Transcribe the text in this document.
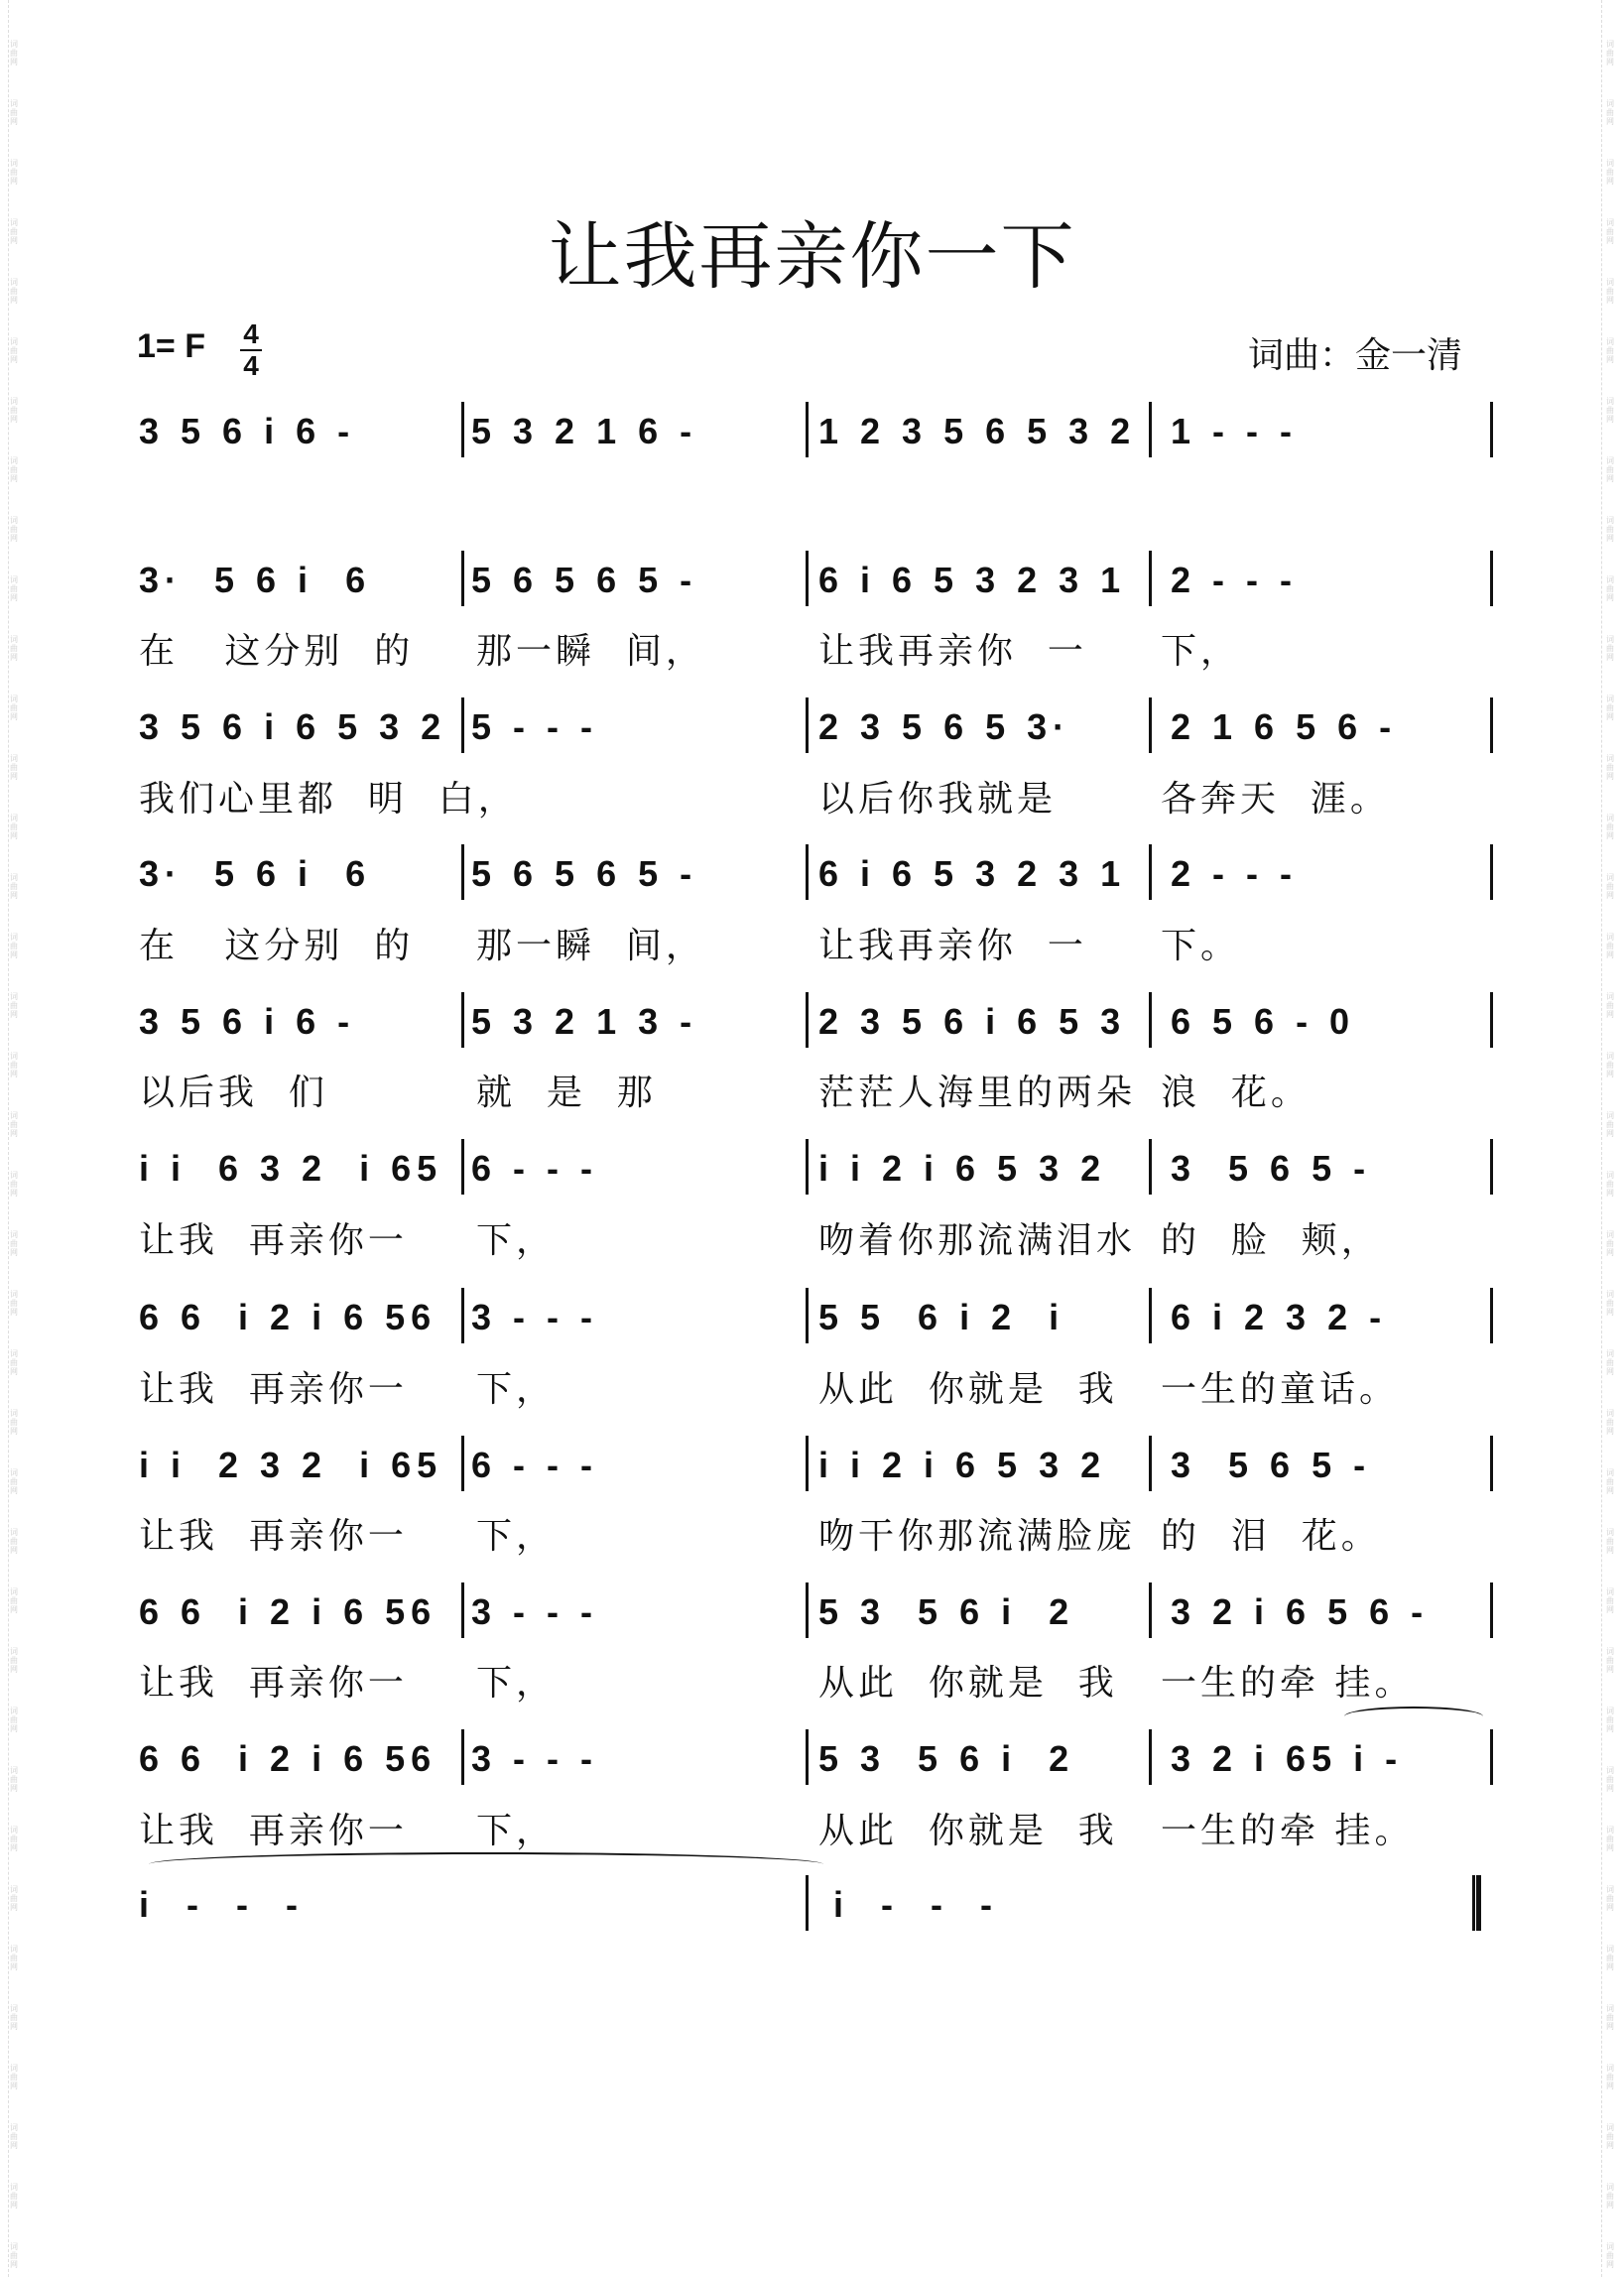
让我再亲你一下
1= F 4
4	词曲：金一清
3 5 6 i 6 -	5 3 2 1 6 -	1 2 3 5 6 5 3 2 1 - - -
3·  5 6 i  6	5 6 5 6 5 -	6 i 6 5 3 2 3 1 2 - - -
在   这分别  的 那一瞬  间，	让我再亲你  一 下，
3 5 6 i 6 5 3 2 5 - - -	2 3 5 6 5 3·	2 1 6 5 6 -
我们心里都  明  白，	以后你我就是	各奔天  涯。
3·  5 6 i  6	5 6 5 6 5 -	6 i 6 5 3 2 3 1 2 - - -
在   这分别  的 那一瞬  间，	让我再亲你  一 下。
3 5 6 i 6 -	5 3 2 1 3 -	2 3 5 6 i 6 5 3 6 5 6 - 0
以后我  们	就  是  那	茫茫人海里的两朵 浪  花。
i i  6 3 2  i 65 6 - - -	i i 2 i 6 5 3 2 3  5 6 5 -
让我  再亲你一 下，	吻着你那流满泪水 的  脸  颊，
6 6  i 2 i 6 56 3 - - -	5 5  6 i 2  i	6 i 2 3 2 -
让我  再亲你一 下，	从此  你就是  我 一生的童话。
i i  2 3 2  i 65 6 - - -	i i 2 i 6 5 3 2 3  5 6 5 -
让我  再亲你一 下，	吻干你那流满脸庞 的  泪  花。
6 6  i 2 i 6 56 3 - - -	5 3  5 6 i  2	3 2 i 6 5 6 -
让我  再亲你一 下，	从此  你就是  我 一生的牵 挂。
6 6  i 2 i 6 56 3 - - -	5 3  5 6 i  2	3 2 i 65 i -
让我  再亲你一 下，	从此  你就是  我 一生的牵 挂。
i  -  -  -	i  -  -  -
词
曲
网
词
曲
网
词
曲
网
词
曲
网
词
曲
网
词
曲
网
词
曲
网
词
曲
网
词
曲
网
词
曲
网
词
曲
网
词
曲
网
词
曲
网
词
曲
网
词
曲
网
词
曲
网
词
曲
网
词
曲
网
词
曲
网
词
曲
网
词
曲
网
词
曲
网
词
曲
网
词
曲
网
词
曲
网
词
曲
网
词
曲
网
词
曲
网
词
曲
网
词
曲
网
词
曲
网
词
曲
网
词
曲
网
词
曲
网
词
曲
网
词
曲
网
词
曲
网
词
曲
网
词
曲
网
词
曲
网
词
曲
网
词
曲
网
词
曲
网
词
曲
网
词
曲
网
词
曲
网
词
曲
网
词
曲
网
词
曲
网
词
曲
网
词
曲
网
词
曲
网
词
曲
网
词
曲
网
词
曲
网
词
曲
网
词
曲
网
词
曲
网
词
曲
网
词
曲
网
词
曲
网
词
曲
网
词
曲
网
词
曲
网
词
曲
网
词
曲
网
词
曲
网
词
曲
网
词
曲
网
词
曲
网
词
曲
网
词
曲
网
词
曲
网
词
曲
网
词
曲
网
词
曲
网
